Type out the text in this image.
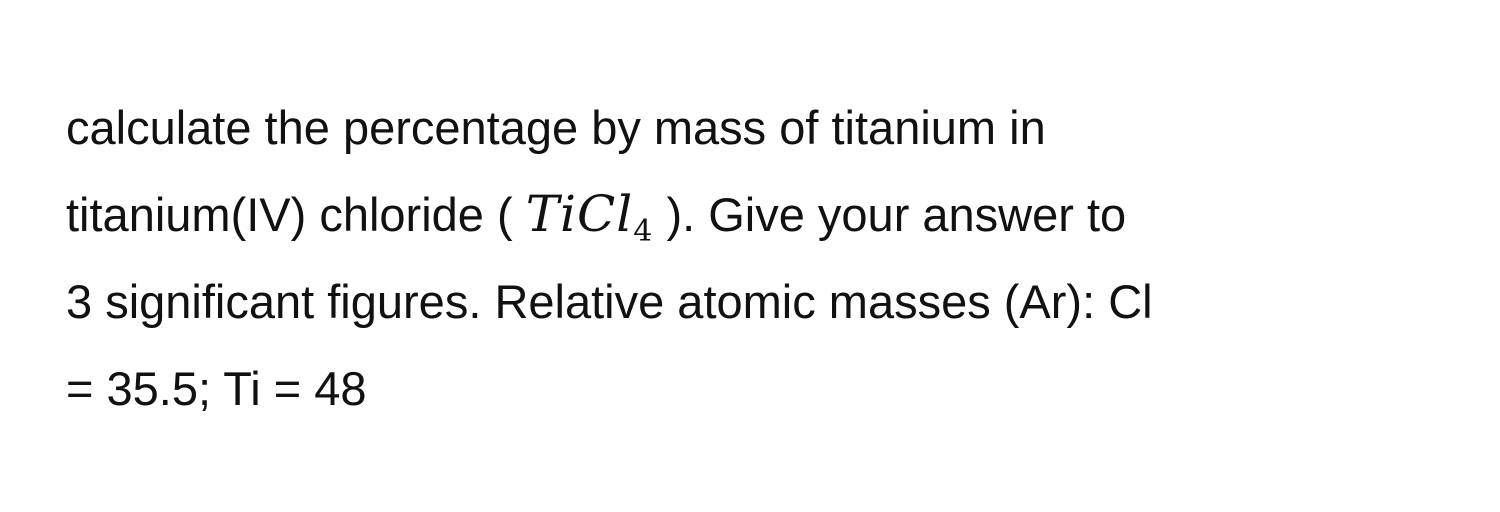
calculate the percentage by mass of titanium in
titanium(IV) chloride ( TiCl$_4$ ). Give your answer to
3 significant figures. Relative atomic masses (Ar): Cl
= 35.5; Ti = 48
